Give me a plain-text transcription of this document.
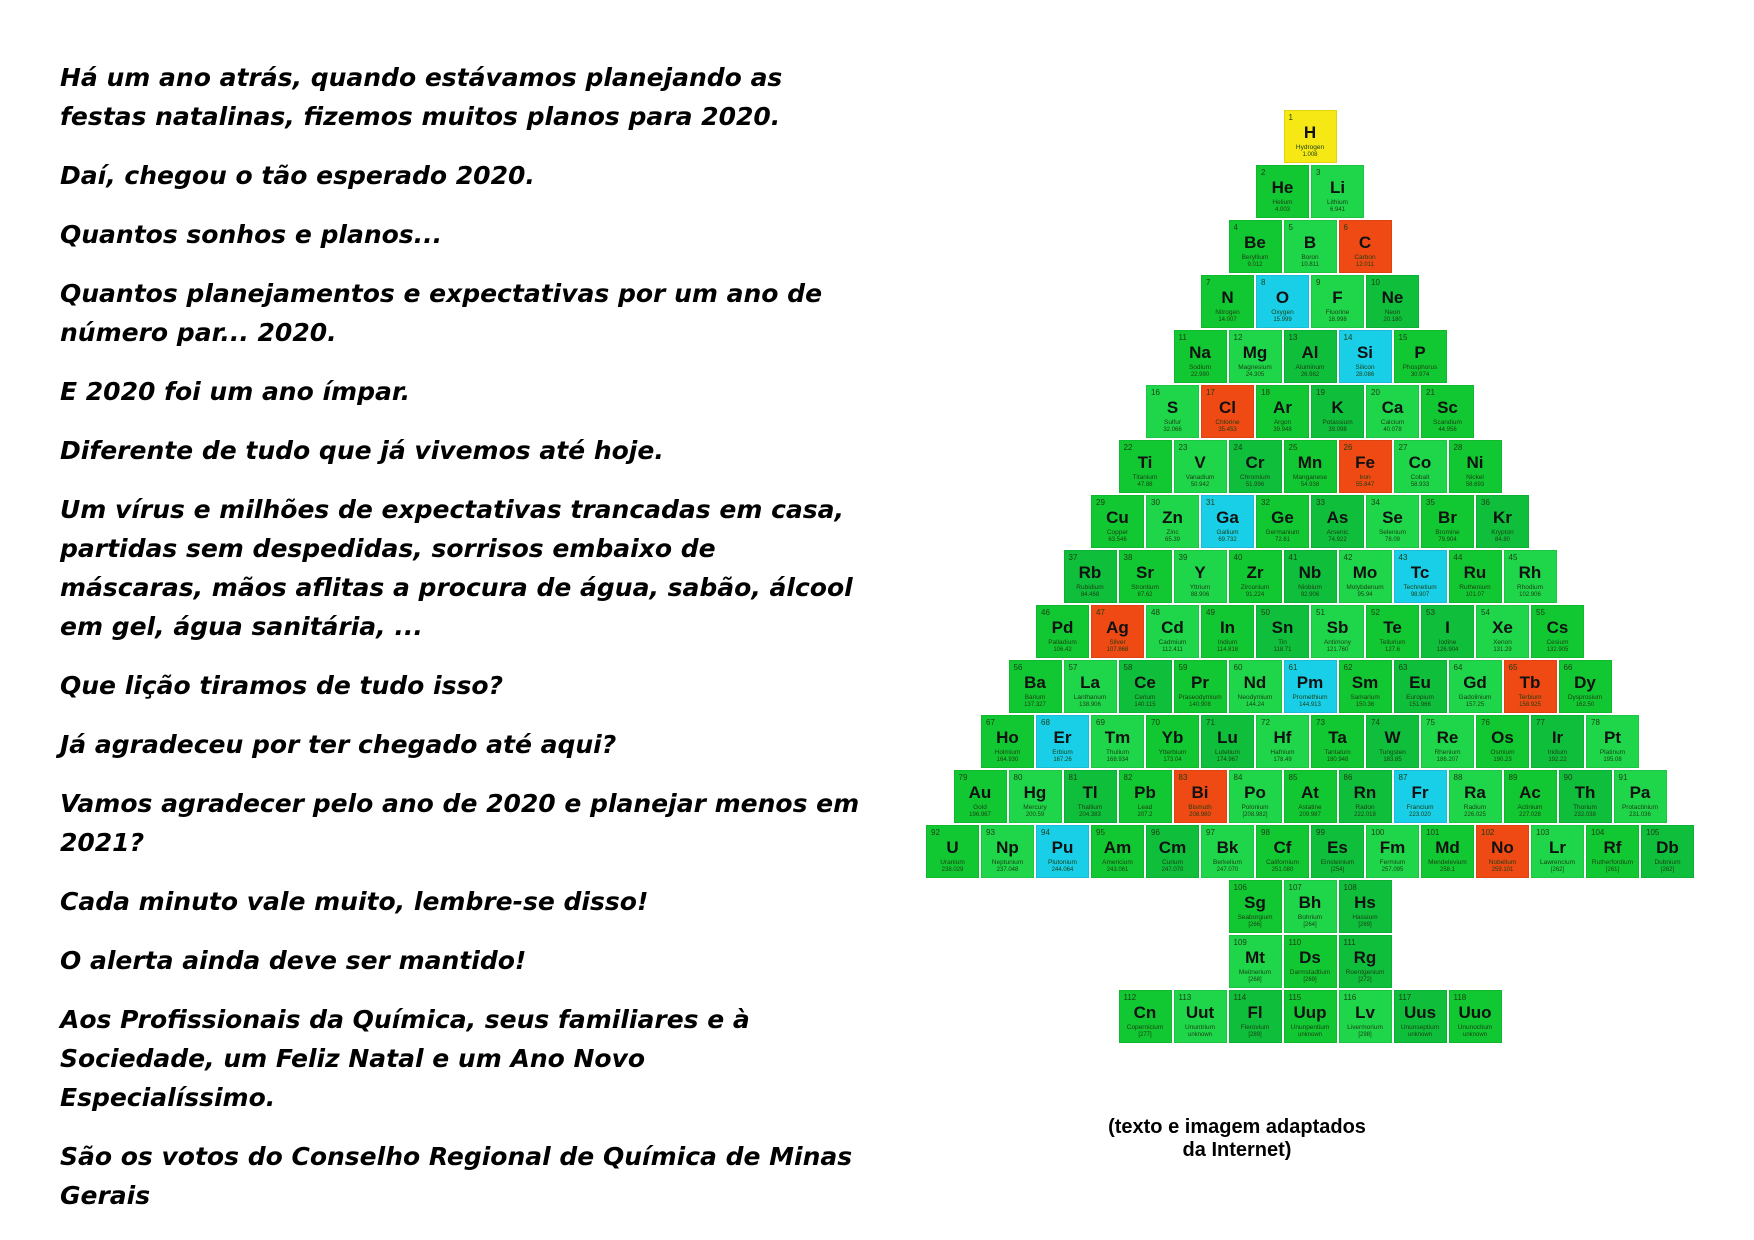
Há um ano atrás, quando estávamos planejando as festas natalinas, fizemos muitos planos para 2020.

Daí, chegou o tão esperado 2020.

Quantos sonhos e planos...

Quantos planejamentos e expectativas por um ano de número par... 2020.

E 2020 foi um ano ímpar.

Diferente de tudo que já vivemos até hoje.

Um vírus e milhões de expectativas trancadas em casa, partidas sem despedidas, sorrisos embaixo de máscaras, mãos aflitas a procura de água, sabão, álcool em gel, água sanitária, ...

Que lição tiramos de tudo isso?

Já agradeceu por ter chegado até aqui?

Vamos agradecer pelo ano de 2020 e planejar menos em 2021?

Cada minuto vale muito, lembre-se disso!

O alerta ainda deve ser mantido!

Aos Profissionais da Química, seus familiares e à Sociedade, um Feliz Natal e um Ano Novo Especialíssimo.

São os votos do Conselho Regional de Química de Minas Gerais

1
H
Hydrogen
1.008
2
He
Helium
4.003
3
Li
Lithium
6.941
4
Be
Beryllium
9.012
5
B
Boron
10.811
6
C
Carbon
12.011
7
N
Nitrogen
14.007
8
O
Oxygen
15.999
9
F
Fluorine
18.998
10
Ne
Neon
20.180
11
Na
Sodium
22.990
12
Mg
Magnesium
24.305
13
Al
Aluminum
26.982
14
Si
Silicon
28.086
15
P
Phosphorus
30.974
16
S
Sulfur
32.066
17
Cl
Chlorine
35.453
18
Ar
Argon
39.948
19
K
Potassium
39.098
20
Ca
Calcium
40.078
21
Sc
Scandium
44.956
22
Ti
Titanium
47.88
23
V
Vanadium
50.942
24
Cr
Chromium
51.996
25
Mn
Manganese
54.938
26
Fe
Iron
55.847
27
Co
Cobalt
58.933
28
Ni
Nickel
58.693
29
Cu
Copper
63.546
30
Zn
Zinc
65.39
31
Ga
Gallium
69.732
32
Ge
Germanium
72.61
33
As
Arsenic
74.922
34
Se
Selenium
78.09
35
Br
Bromine
79.904
36
Kr
Krypton
84.80
37
Rb
Rubidium
84.468
38
Sr
Strontium
87.62
39
Y
Yttrium
88.906
40
Zr
Zirconium
91.224
41
Nb
Niobium
92.906
42
Mo
Molybdenum
95.94
43
Tc
Technetium
98.907
44
Ru
Ruthenium
101.07
45
Rh
Rhodium
102.906
46
Pd
Palladium
106.42
47
Ag
Silver
107.868
48
Cd
Cadmium
112.411
49
In
Indium
114.818
50
Sn
Tin
118.71
51
Sb
Antimony
121.760
52
Te
Tellurium
127.6
53
I
Iodine
126.904
54
Xe
Xenon
131.29
55
Cs
Cesium
132.905
56
Ba
Barium
137.327
57
La
Lanthanum
138.906
58
Ce
Cerium
140.115
59
Pr
Praseodymium
140.908
60
Nd
Neodymium
144.24
61
Pm
Promethium
144.913
62
Sm
Samarium
150.36
63
Eu
Europium
151.966
64
Gd
Gadolinium
157.25
65
Tb
Terbium
158.925
66
Dy
Dysprosium
162.50
67
Ho
Holmium
164.930
68
Er
Erbium
167.26
69
Tm
Thulium
168.934
70
Yb
Ytterbium
173.04
71
Lu
Lutetium
174.967
72
Hf
Hafnium
178.49
73
Ta
Tantalum
180.948
74
W
Tungsten
183.85
75
Re
Rhenium
186.207
76
Os
Osmium
190.23
77
Ir
Iridium
192.22
78
Pt
Platinum
195.08
79
Au
Gold
196.967
80
Hg
Mercury
200.59
81
Tl
Thallium
204.383
82
Pb
Lead
207.2
83
Bi
Bismuth
208.980
84
Po
Polonium
[208.982]
85
At
Astatine
209.987
86
Rn
Radon
222.018
87
Fr
Francium
223.020
88
Ra
Radium
226.025
89
Ac
Actinium
227.028
90
Th
Thorium
232.038
91
Pa
Protactinium
231.036
92
U
Uranium
238.029
93
Np
Neptunium
237.048
94
Pu
Plutonium
244.064
95
Am
Americium
243.061
96
Cm
Curium
247.070
97
Bk
Berkelium
247.070
98
Cf
Californium
251.080
99
Es
Einsteinium
[254]
100
Fm
Fermium
257.095
101
Md
Mendelevium
258.1
102
No
Nobelium
259.101
103
Lr
Lawrencium
[262]
104
Rf
Rutherfordium
[261]
105
Db
Dubnium
[262]
106
Sg
Seaborgium
[266]
107
Bh
Bohrium
[264]
108
Hs
Hassium
[269]
109
Mt
Meitnerium
[268]
110
Ds
Darmstadtium
[269]
111
Rg
Roentgenium
[272]
112
Cn
Copernicium
[277]
113
Uut
Ununtrium
unknown
114
Fl
Flerovium
[289]
115
Uup
Ununpentium
unknown
116
Lv
Livermorium
[298]
117
Uus
Ununseptium
unknown
118
Uuo
Ununoctium
unknown
(texto e imagem adaptados da Internet)
